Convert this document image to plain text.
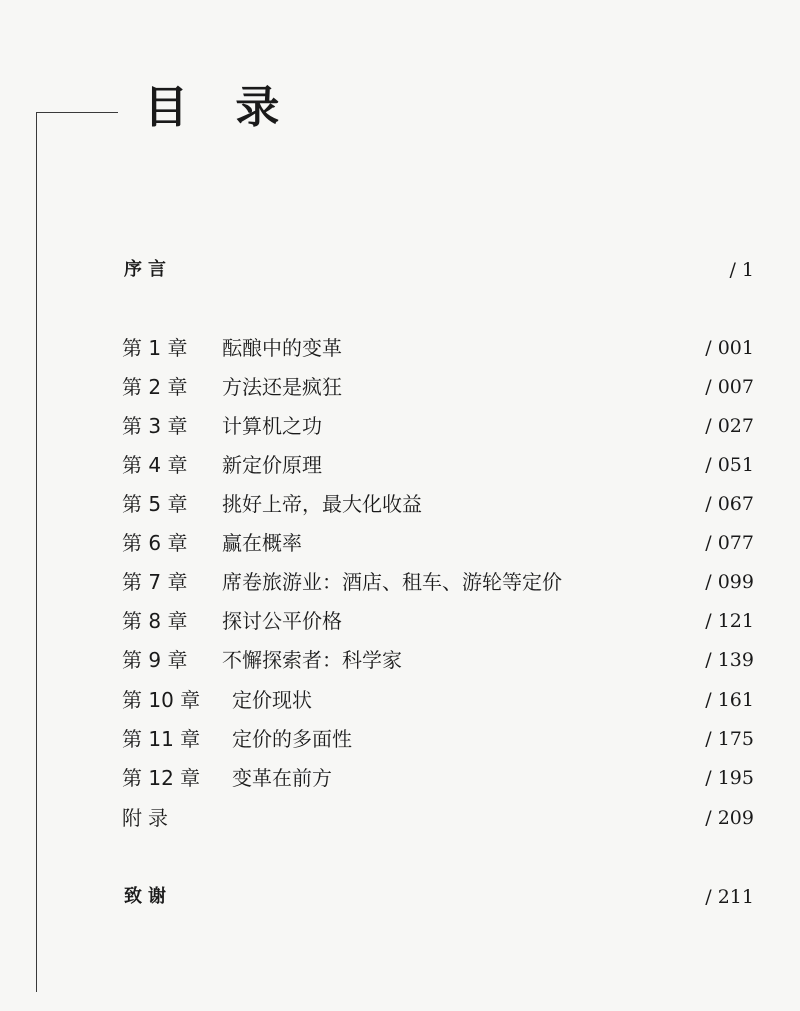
目 录
序言	/ 1
第 1 章 酝酿中的变革	/ 001
第 2 章 方法还是疯狂	/ 007
第 3 章 计算机之功	/ 027
第 4 章 新定价原理	/ 051
第 5 章 挑好上帝，最大化收益	/ 067
第 6 章 赢在概率	/ 077
第 7 章 席卷旅游业：酒店、租车、游轮等定价	/ 099
第 8 章 探讨公平价格	/ 121
第 9 章 不懈探索者：科学家	/ 139
第 10 章 定价现状	/ 161
第 11 章 定价的多面性	/ 175
第 12 章 变革在前方	/ 195
附录	/ 209
致谢	/ 211
